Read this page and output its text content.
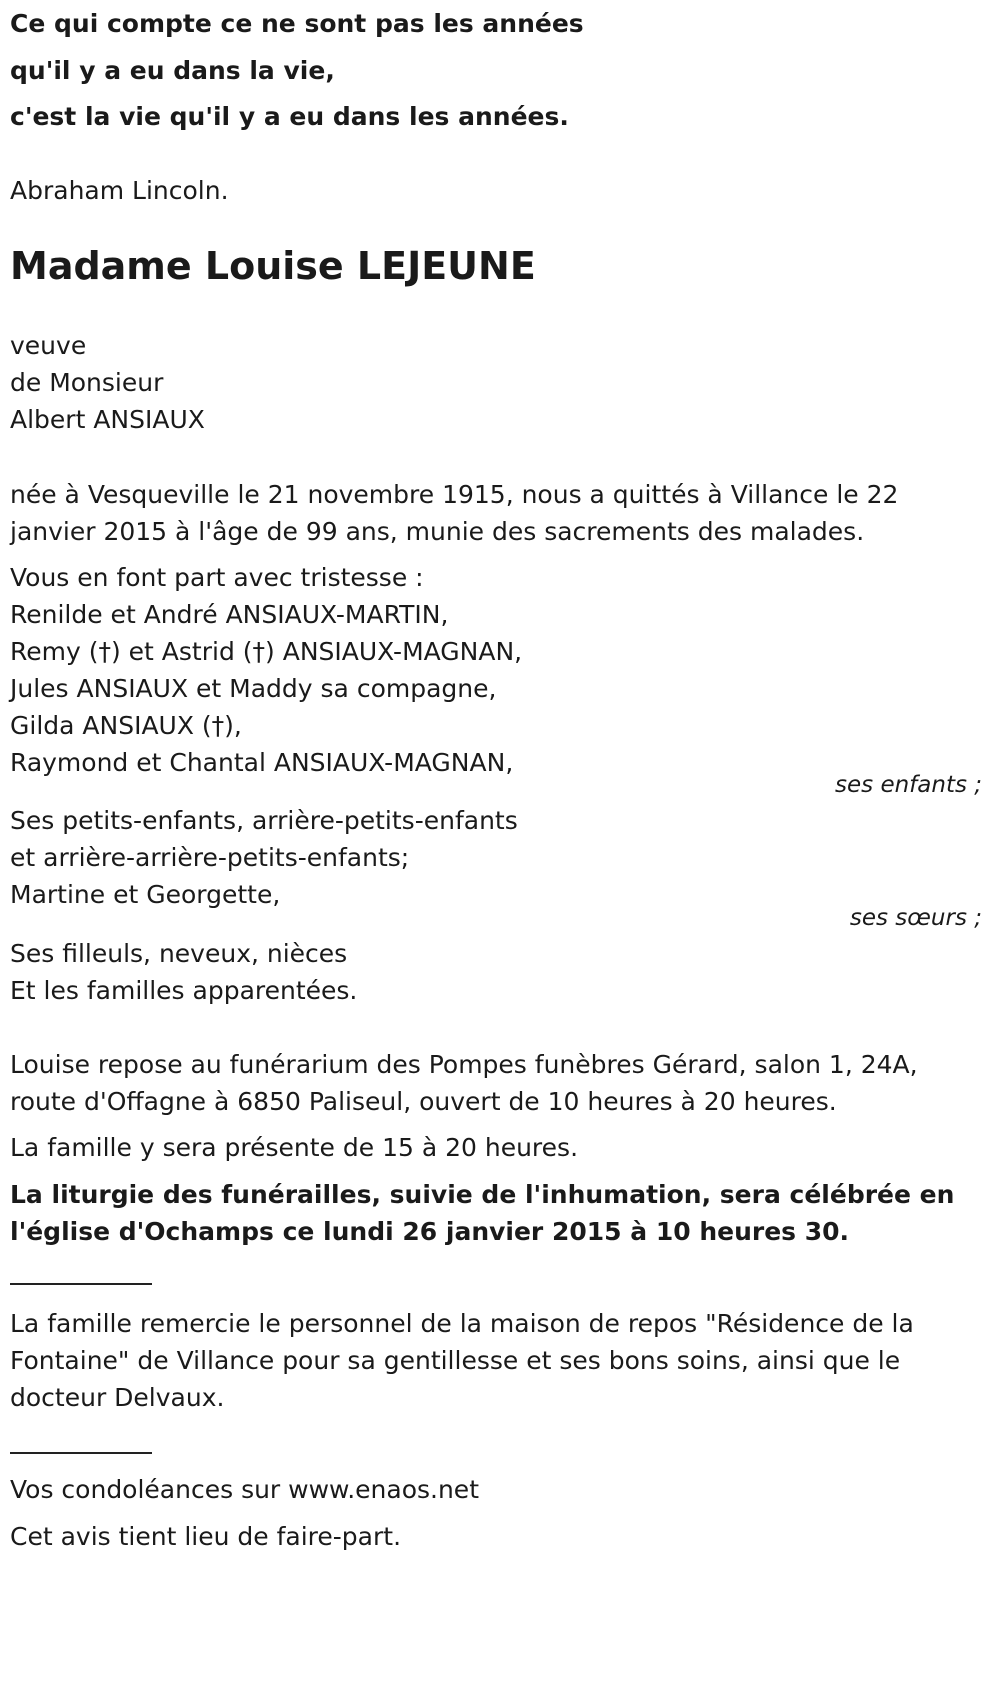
Ce qui compte ce ne sont pas les années

qu'il y a eu dans la vie,

c'est la vie qu'il y a eu dans les années.

Abraham Lincoln.

Madame Louise LEJEUNE

veuve

de Monsieur

Albert ANSIAUX

née à Vesqueville le 21 novembre 1915, nous a quittés à Villance le 22

janvier 2015 à l'âge de 99 ans, munie des sacrements des malades.

Vous en font part avec tristesse :

Renilde et André ANSIAUX-MARTIN,

Remy (†) et Astrid (†) ANSIAUX-MAGNAN,

Jules ANSIAUX et Maddy sa compagne,

Gilda ANSIAUX (†),

Raymond et Chantal ANSIAUX-MAGNAN,

ses enfants ;

Ses petits-enfants, arrière-petits-enfants

et arrière-arrière-petits-enfants;

Martine et Georgette,

ses sœurs ;

Ses filleuls, neveux, nièces

Et les familles apparentées.

Louise repose au funérarium des Pompes funèbres Gérard, salon 1, 24A,

route d'Offagne à 6850 Paliseul, ouvert de 10 heures à 20 heures.

La famille y sera présente de 15 à 20 heures.

La liturgie des funérailles, suivie de l'inhumation, sera célébrée en

l'église d'Ochamps ce lundi 26 janvier 2015 à 10 heures 30.

La famille remercie le personnel de la maison de repos "Résidence de la

Fontaine" de Villance pour sa gentillesse et ses bons soins, ainsi que le

docteur Delvaux.

Vos condoléances sur www.enaos.net

Cet avis tient lieu de faire-part.
